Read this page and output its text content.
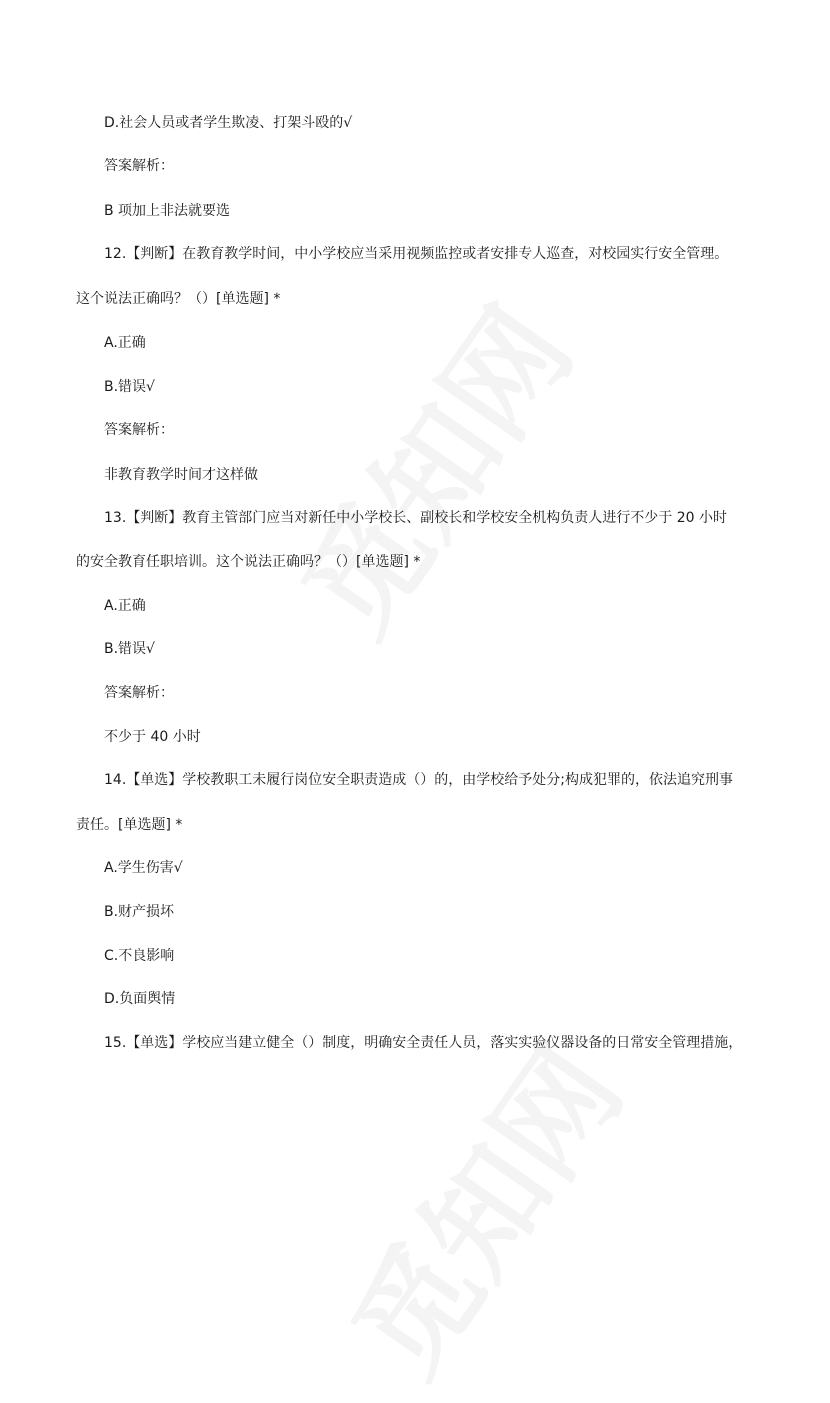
D.社会人员或者学生欺凌、打架斗殴的√
答案解析：
B 项加上非法就要选
12.【判断】在教育教学时间，中小学校应当采用视频监控或者安排专人巡查，对校园实行安全管理。
这个说法正确吗？（）[单选题] *
A.正确
B.错误√
答案解析：
非教育教学时间才这样做
13.【判断】教育主管部门应当对新任中小学校长、副校长和学校安全机构负责人进行不少于 20 小时
的安全教育任职培训。这个说法正确吗？（）[单选题] *
A.正确
B.错误√
答案解析：
不少于 40 小时
14.【单选】学校教职工未履行岗位安全职责造成（）的，由学校给予处分;构成犯罪的，依法追究刑事
责任。[单选题] *
A.学生伤害√
B.财产损坏
C.不良影响
D.负面舆情
15.【单选】学校应当建立健全（）制度，明确安全责任人员，落实实验仪器设备的日常安全管理措施，
